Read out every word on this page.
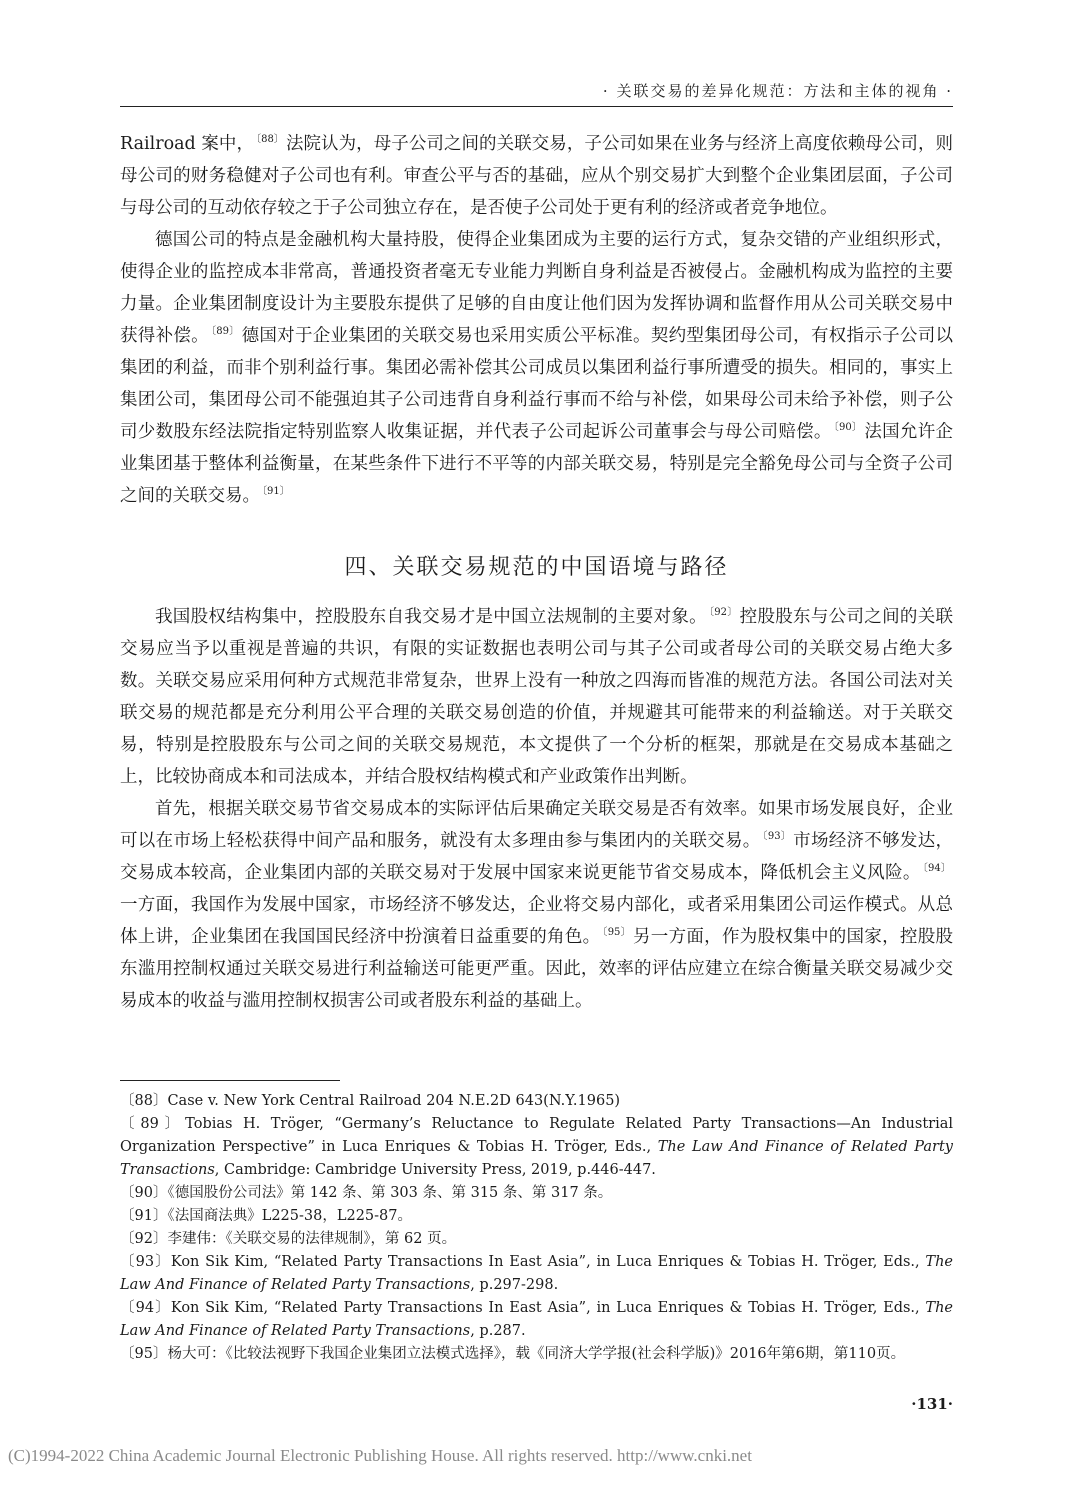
· 关联交易的差异化规范：方法和主体的视角 ·

Railroad 案中， $^{〔88〕}$ 法院认为，母子公司之间的关联交易，子公司如果在业务与经济上高度依赖母公司，则母公司的财务稳健对子公司也有利。审查公平与否的基础，应从个别交易扩大到整个企业集团层面，子公司与母公司的互动依存较之于子公司独立存在，是否使子公司处于更有利的经济或者竞争地位。

德国公司的特点是金融机构大量持股，使得企业集团成为主要的运行方式，复杂交错的产业组织形式，使得企业的监控成本非常高，普通投资者毫无专业能力判断自身利益是否被侵占。金融机构成为监控的主要力量。企业集团制度设计为主要股东提供了足够的自由度让他们因为发挥协调和监督作用从公司关联交易中获得补偿。 $^{〔89〕}$ 德国对于企业集团的关联交易也采用实质公平标准。契约型集团母公司，有权指示子公司以集团的利益，而非个别利益行事。集团必需补偿其公司成员以集团利益行事所遭受的损失。相同的，事实上集团公司，集团母公司不能强迫其子公司违背自身利益行事而不给与补偿，如果母公司未给予补偿，则子公司少数股东经法院指定特别监察人收集证据，并代表子公司起诉公司董事会与母公司赔偿。 $^{〔90〕}$ 法国允许企业集团基于整体利益衡量，在某些条件下进行不平等的内部关联交易，特别是完全豁免母公司与全资子公司之间的关联交易。 $^{〔91〕}$

四、关联交易规范的中国语境与路径

我国股权结构集中，控股股东自我交易才是中国立法规制的主要对象。 $^{〔92〕}$ 控股股东与公司之间的关联交易应当予以重视是普遍的共识，有限的实证数据也表明公司与其子公司或者母公司的关联交易占绝大多数。关联交易应采用何种方式规范非常复杂，世界上没有一种放之四海而皆准的规范方法。各国公司法对关联交易的规范都是充分利用公平合理的关联交易创造的价值，并规避其可能带来的利益输送。对于关联交易，特别是控股股东与公司之间的关联交易规范，本文提供了一个分析的框架，那就是在交易成本基础之上，比较协商成本和司法成本，并结合股权结构模式和产业政策作出判断。

首先，根据关联交易节省交易成本的实际评估后果确定关联交易是否有效率。如果市场发展良好，企业可以在市场上轻松获得中间产品和服务，就没有太多理由参与集团内的关联交易。 $^{〔93〕}$ 市场经济不够发达，交易成本较高，企业集团内部的关联交易对于发展中国家来说更能节省交易成本，降低机会主义风险。 $^{〔94〕}$一方面，我国作为发展中国家，市场经济不够发达，企业将交易内部化，或者采用集团公司运作模式。从总体上讲，企业集团在我国国民经济中扮演着日益重要的角色。 $^{〔95〕}$ 另一方面，作为股权集中的国家，控股股东滥用控制权通过关联交易进行利益输送可能更严重。因此，效率的评估应建立在综合衡量关联交易减少交易成本的收益与滥用控制权损害公司或者股东利益的基础上。

〔88〕Case v. New York Central Railroad 204 N.E.2D 643(N.Y.1965)
〔89〕Tobias H. Tröger, “Germany’s Reluctance to Regulate Related Party Transactions—An Industrial Organization Perspective” in Luca Enriques & Tobias H. Tröger, Eds., The Law And Finance of Related Party Transactions, Cambridge: Cambridge University Press, 2019, p.446-447.
〔90〕《德国股份公司法》第 142 条、第 303 条、第 315 条、第 317 条。
〔91〕《法国商法典》L225-38，L225-87。
〔92〕李建伟：《关联交易的法律规制》，第 62 页。
〔93〕Kon Sik Kim, “Related Party Transactions In East Asia”, in Luca Enriques & Tobias H. Tröger, Eds., The Law And Finance of Related Party Transactions, p.297-298.
〔94〕Kon Sik Kim, “Related Party Transactions In East Asia”, in Luca Enriques & Tobias H. Tröger, Eds., The Law And Finance of Related Party Transactions, p.287.
〔95〕杨大可：《比较法视野下我国企业集团立法模式选择》，载《同济大学学报(社会科学版)》2016年第6期，第110页。
·131·
(C)1994-2022 China Academic Journal Electronic Publishing House. All rights reserved. http://www.cnki.net
